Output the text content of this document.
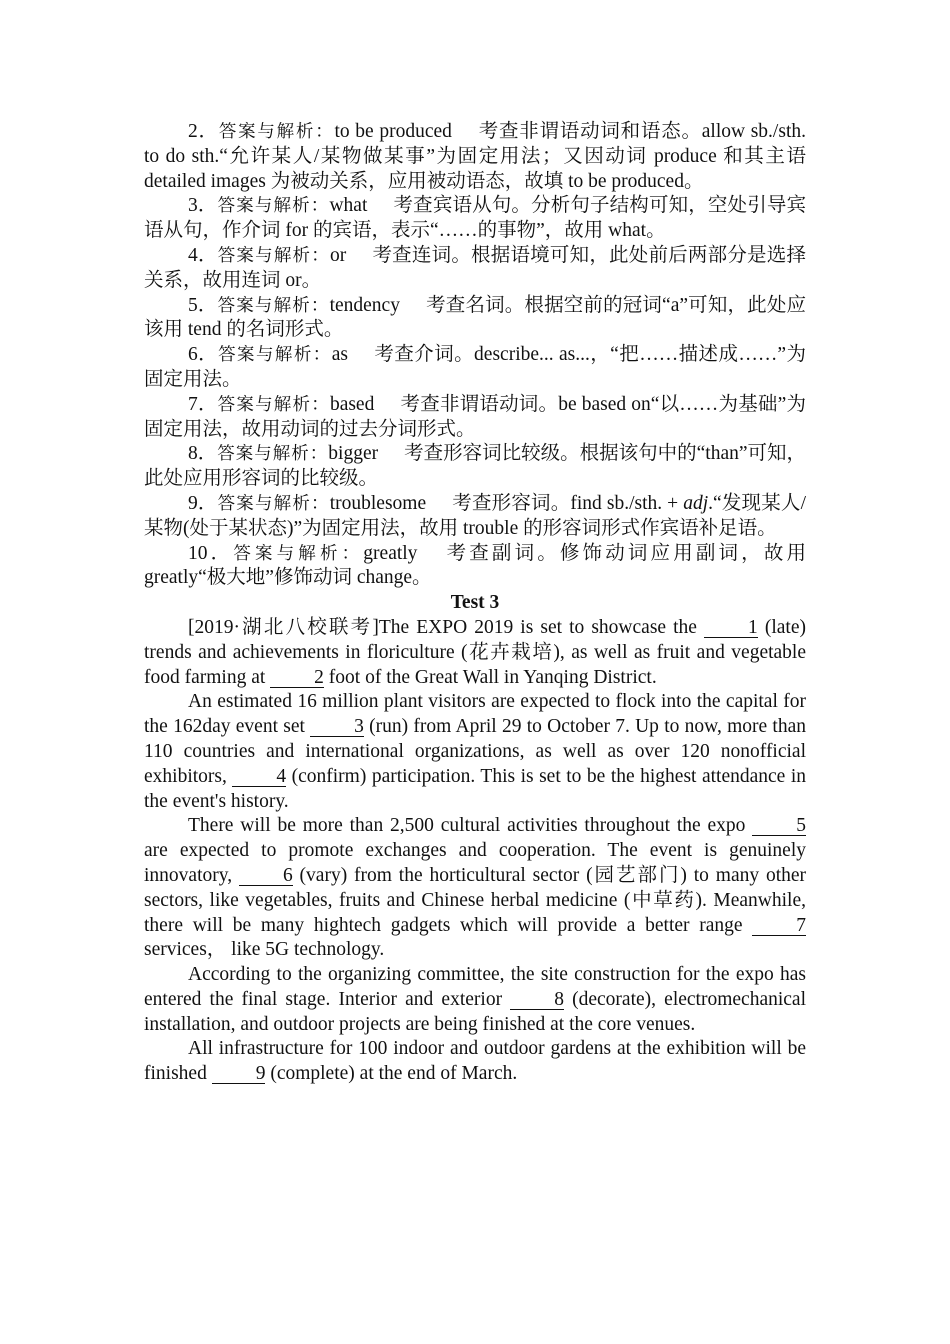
2．答案与解析：to be produced 考查非谓语动词和语态。allow sb./sth. to do sth.“允许某人/某物做某事”为固定用法；又因动词 produce 和其主语 detailed images 为被动关系，应用被动语态，故填 to be produced。

3．答案与解析：what 考查宾语从句。分析句子结构可知，空处引导宾语从句，作介词 for 的宾语，表示“……的事物”，故用 what。

4．答案与解析：or 考查连词。根据语境可知，此处前后两部分是选择关系，故用连词 or。

5．答案与解析：tendency 考查名词。根据空前的冠词“a”可知，此处应该用 tend 的名词形式。

6．答案与解析：as 考查介词。describe... as...，“把……描述成……”为固定用法。

7．答案与解析：based 考查非谓语动词。be based on“以……为基础”为固定用法，故用动词的过去分词形式。

8．答案与解析：bigger 考查形容词比较级。根据该句中的“than”可知，此处应用形容词的比较级。

9．答案与解析：troublesome 考查形容词。find sb./sth. + adj.“发现某人/某物(处于某状态)”为固定用法，故用 trouble 的形容词形式作宾语补足语。

10．答案与解析：greatly 考查副词。修饰动词应用副词，故用 greatly“极大地”修饰动词 change。

Test 3

[2019·湖北八校联考]The EXPO 2019 is set to showcase the 1 (late) trends and achievements in floriculture (花卉栽培), as well as fruit and vegetable food farming at 2 foot of the Great Wall in Yanqing District.

An estimated 16 million plant visitors are expected to flock into the capital for the 162day event set 3 (run) from April 29 to October 7. Up to now, more than 110 countries and international organizations, as well as over 120 nonofficial exhibitors, 4 (confirm) participation. This is set to be the highest attendance in the event's history.

There will be more than 2,500 cultural activities throughout the expo 5 are expected to promote exchanges and cooperation. The event is genuinely innovatory, 6 (vary) from the horticultural sector (园艺部门) to many other sectors, like vegetables, fruits and Chinese herbal medicine (中草药). Meanwhile, there will be many hightech gadgets which will provide a better range 7 services， like 5G technology.

According to the organizing committee, the site construction for the expo has entered the final stage. Interior and exterior 8 (decorate), electromechanical installation, and outdoor projects are being finished at the core venues.

All infrastructure for 100 indoor and outdoor gardens at the exhibition will be finished 9 (complete) at the end of March.
